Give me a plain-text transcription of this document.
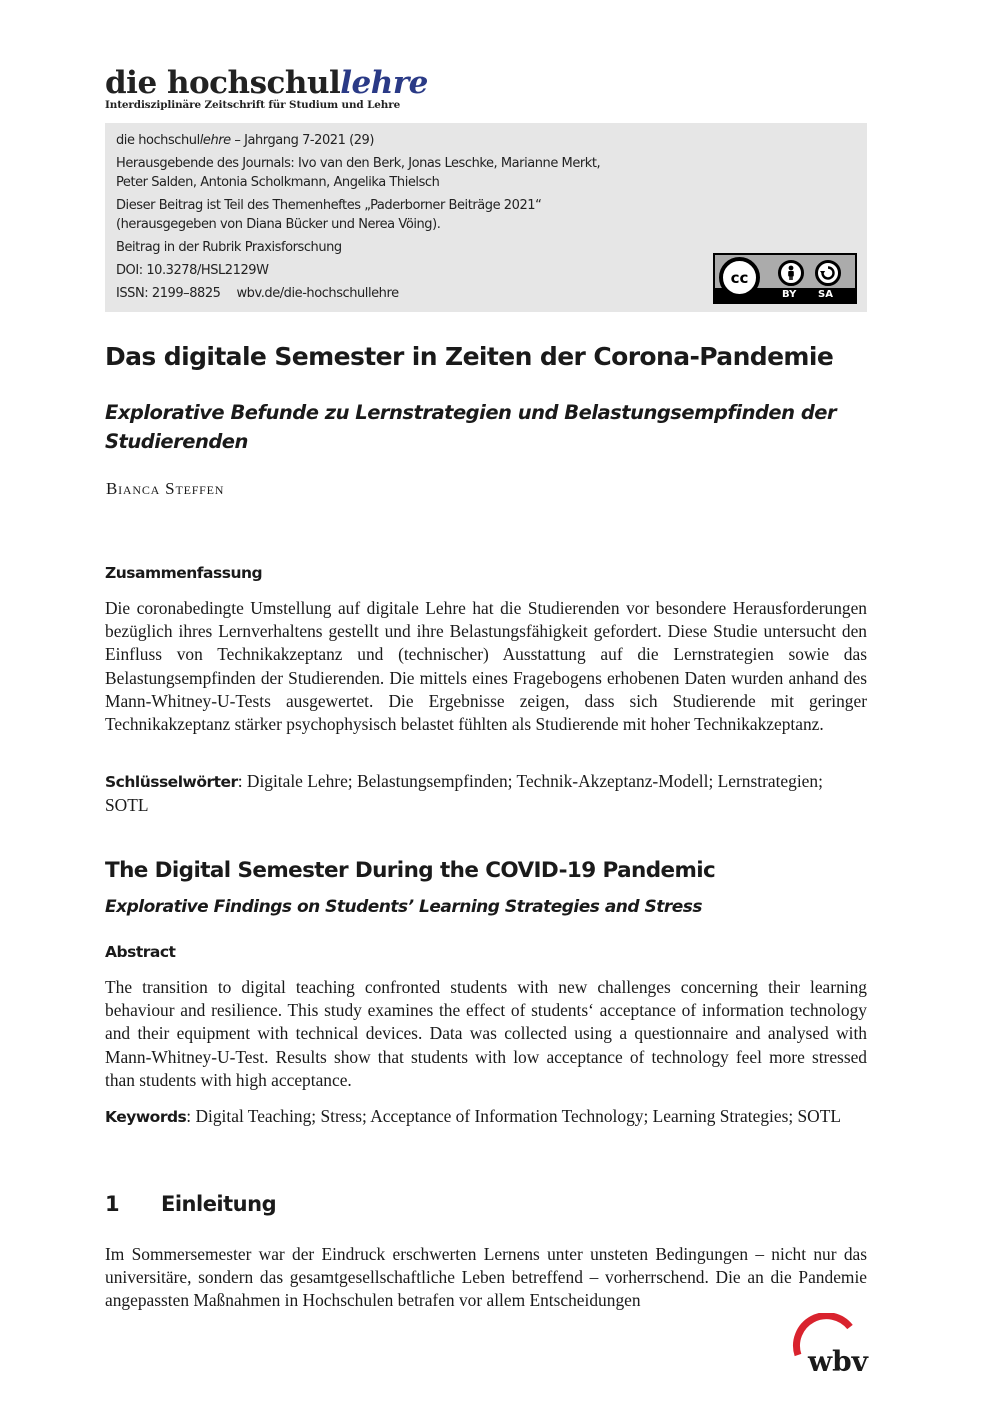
die hochschullehre
Interdisziplinäre Zeitschrift für Studium und Lehre
die hochschullehre – Jahrgang 7-2021 (29)
Herausgebende des Journals: Ivo van den Berk, Jonas Leschke, Marianne Merkt,
Peter Salden, Antonia Scholkmann, Angelika Thielsch
Dieser Beitrag ist Teil des Themenheftes „Paderborner Beiträge 2021“
(herausgegeben von Diana Bücker und Nerea Vöing).
Beitrag in der Rubrik Praxisforschung
DOI: 10.3278/HSL2129W
ISSN: 2199–8825 wbv.de/die-hochschullehre
cc
BY SA
Das digitale Semester in Zeiten der Corona-Pandemie
Explorative Befunde zu Lernstrategien und Belastungsempfinden der Studierenden
Bianca Steffen
Zusammenfassung
Die coronabedingte Umstellung auf digitale Lehre hat die Studierenden vor besondere Herausforderungen bezüglich ihres Lernverhaltens gestellt und ihre Belastungsfähigkeit gefordert. Diese Studie untersucht den Einfluss von Technikakzeptanz und (technischer) Ausstattung auf die Lernstrategien sowie das Belastungsempfinden der Studierenden. Die mittels eines Fragebogens erhobenen Daten wurden anhand des Mann-Whitney-U-Tests ausgewertet. Die Ergebnisse zeigen, dass sich Studierende mit geringer Technikakzeptanz stärker psychophysisch belastet fühlten als Studierende mit hoher Technikakzeptanz.
Schlüsselwörter: Digitale Lehre; Belastungsempfinden; Technik-Akzeptanz-Modell; Lernstrategien; SOTL
The Digital Semester During the COVID-19 Pandemic
Explorative Findings on Students’ Learning Strategies and Stress
Abstract
The transition to digital teaching confronted students with new challenges concerning their learning behaviour and resilience. This study examines the effect of students‘ acceptance of information technology and their equipment with technical devices. Data was collected using a questionnaire and analysed with Mann-Whitney-U-Test. Results show that students with low acceptance of technology feel more stressed than students with high acceptance.
Keywords: Digital Teaching; Stress; Acceptance of Information Technology; Learning Strategies; SOTL
1 Einleitung
Im Sommersemester war der Eindruck erschwerten Lernens unter unsteten Bedingungen – nicht nur das universitäre, sondern das gesamtgesellschaftliche Leben betreffend – vorherrschend. Die an die Pandemie angepassten Maßnahmen in Hochschulen betrafen vor allem Entscheidungen
wbv
